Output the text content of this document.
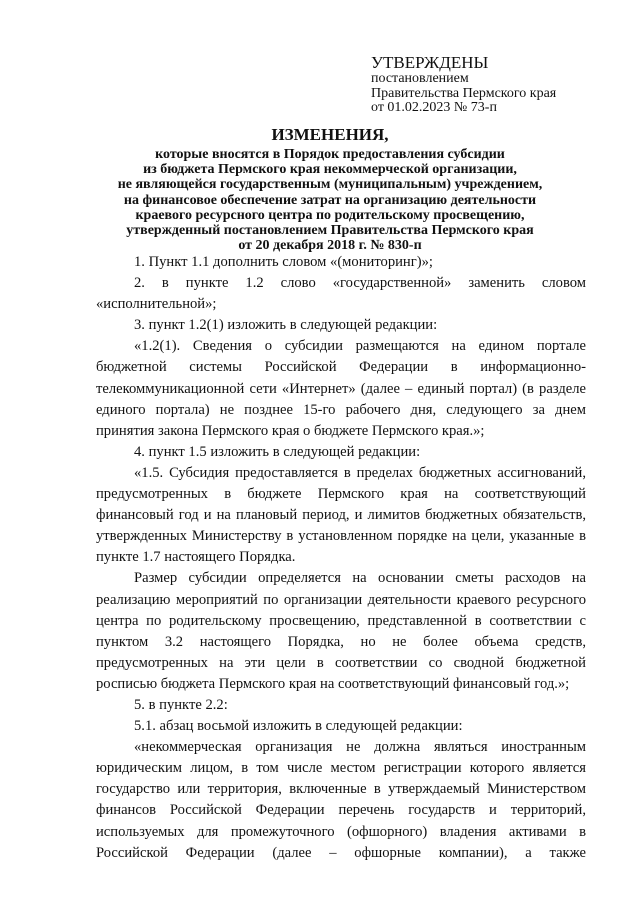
УТВЕРЖДЕНЫ
постановлением
Правительства Пермского края
от 01.02.2023 № 73-п
ИЗМЕНЕНИЯ,
которые вносятся в Порядок предоставления субсидии
из бюджета Пермского края некоммерческой организации,
не являющейся государственным (муниципальным) учреждением,
на финансовое обеспечение затрат на организацию деятельности
краевого ресурсного центра по родительскому просвещению,
утвержденный постановлением Правительства Пермского края
от 20 декабря 2018 г. № 830-п

1. Пункт 1.1 дополнить словом «(мониторинг)»;

2. в пункте 1.2 слово «государственной» заменить словом «исполнительной»;

3. пункт 1.2(1) изложить в следующей редакции:

«1.2(1). Сведения о субсидии размещаются на едином портале бюджетной системы Российской Федерации в информационно-телекоммуникационной сети «Интернет» (далее – единый портал) (в разделе единого портала) не позднее 15-го рабочего дня, следующего за днем принятия закона Пермского края о бюджете Пермского края.»;

4. пункт 1.5 изложить в следующей редакции:

«1.5. Субсидия предоставляется в пределах бюджетных ассигнований, предусмотренных в бюджете Пермского края на соответствующий финансовый год и на плановый период, и лимитов бюджетных обязательств, утвержденных Министерству в установленном порядке на цели, указанные в пункте 1.7 настоящего Порядка.

Размер субсидии определяется на основании сметы расходов на реализацию мероприятий по организации деятельности краевого ресурсного центра по родительскому просвещению, представленной в соответствии с пунктом 3.2 настоящего Порядка, но не более объема средств, предусмотренных на эти цели в соответствии со сводной бюджетной росписью бюджета Пермского края на соответствующий финансовый год.»;

5. в пункте 2.2:

5.1. абзац восьмой изложить в следующей редакции:

«некоммерческая организация не должна являться иностранным юридическим лицом, в том числе местом регистрации которого является государство или территория, включенные в утверждаемый Министерством финансов Российской Федерации перечень государств и территорий, используемых для промежуточного (офшорного) владения активами в Российской Федерации (далее – офшорные компании), а также
